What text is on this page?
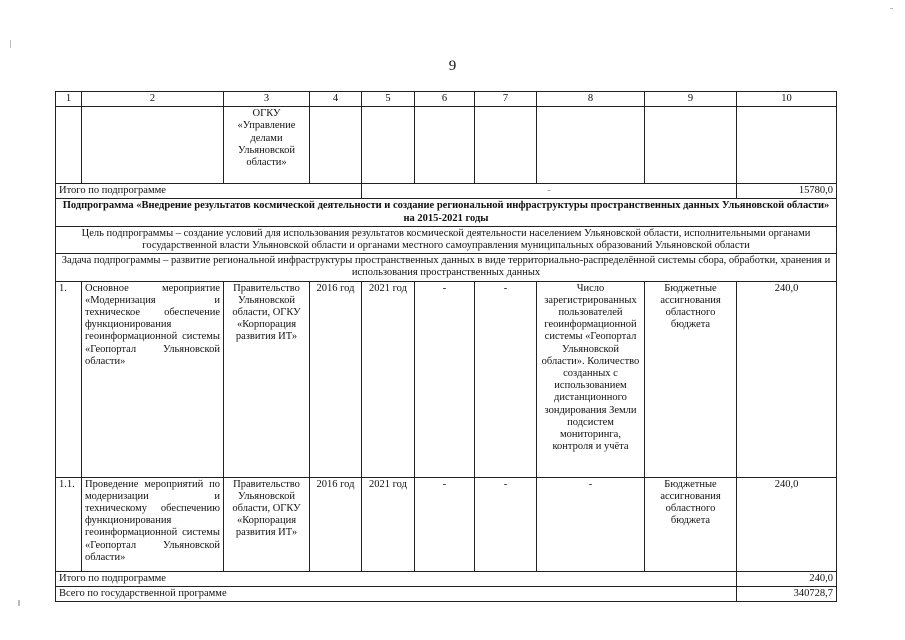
9
1	2	3	4	5	6	7	8	9	10
		ОГКУ «Управление делами Ульяновской области»							
Итого по подпрограмме				-					15780,0
Подпрограмма «Внедрение результатов космической деятельности и создание региональной инфраструктуры пространственных данных Ульяновской области» на 2015-2021 годы									
Цель подпрограммы – создание условий для использования результатов космической деятельности населением Ульяновской области, исполнительными органами государственной власти Ульяновской области и органами местного самоуправления муниципальных образований Ульяновской области									
Задача подпрограммы – развитие региональной инфраструктуры пространственных данных в виде территориально-распределённой системы сбора, обработки, хранения и использования пространственных данных									
1.	Основное мероприятие «Модернизация и техническое обеспечение функционирования геоинформационной системы «Геопортал Ульяновской области»	Правительство Ульяновской области, ОГКУ «Корпорация развития ИТ»	2016 год	2021 год	-	-	Число зарегистрированных пользователей геоинформационной системы «Геопортал Ульяновской области». Количество созданных с использованием дистанционного зондирования Земли подсистем мониторинга, контроля и учёта	Бюджетные ассигнования областного бюджета	240,0
1.1.	Проведение мероприятий по модернизации и техническому обеспечению функционирования геоинформационной системы «Геопортал Ульяновской области»	Правительство Ульяновской области, ОГКУ «Корпорация развития ИТ»	2016 год	2021 год	-	-	-	Бюджетные ассигнования областного бюджета	240,0
Итого по подпрограмме									240,0
Всего по государственной программе									340728,7
